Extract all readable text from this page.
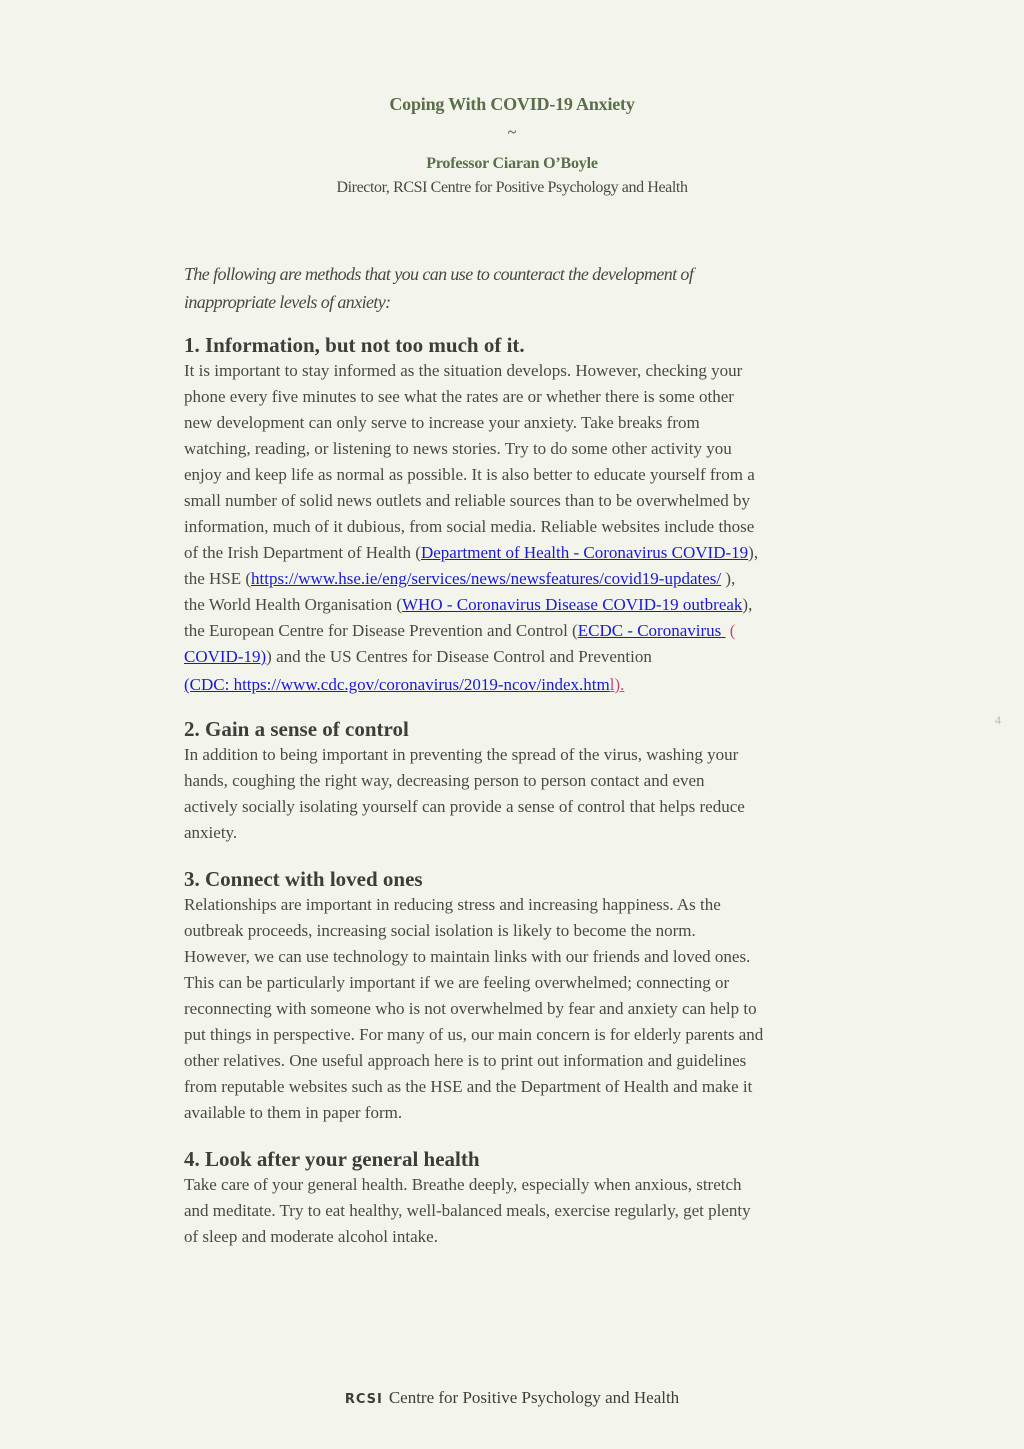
Coping With COVID-19 Anxiety
~
Professor Ciaran O’Boyle
Director, RCSI Centre for Positive Psychology and Health

The following are methods that you can use to counteract the development of
inappropriate levels of anxiety:

1. Information, but not too much of it.

It is important to stay informed as the situation develops. However, checking your
phone every five minutes to see what the rates are or whether there is some other
new development can only serve to increase your anxiety. Take breaks from
watching, reading, or listening to news stories. Try to do some other activity you
enjoy and keep life as normal as possible. It is also better to educate yourself from a
small number of solid news outlets and reliable sources than to be overwhelmed by
information, much of it dubious, from social media. Reliable websites include those
of the Irish Department of Health (Department of Health - Coronavirus COVID-19),
the HSE (https://www.hse.ie/eng/services/news/newsfeatures/covid19-updates/ ),
the World Health Organisation (WHO - Coronavirus Disease COVID-19 outbreak),
the European Centre for Disease Prevention and Control (ECDC - Coronavirus  (
COVID-19)) and the US Centres for Disease Control and Prevention
(CDC: https://www.cdc.gov/coronavirus/2019-ncov/index.html).

2. Gain a sense of control

In addition to being important in preventing the spread of the virus, washing your
hands, coughing the right way, decreasing person to person contact and even
actively socially isolating yourself can provide a sense of control that helps reduce
anxiety.

3. Connect with loved ones

Relationships are important in reducing stress and increasing happiness. As the
outbreak proceeds, increasing social isolation is likely to become the norm.
However, we can use technology to maintain links with our friends and loved ones.
This can be particularly important if we are feeling overwhelmed; connecting or
reconnecting with someone who is not overwhelmed by fear and anxiety can help to
put things in perspective. For many of us, our main concern is for elderly parents and
other relatives. One useful approach here is to print out information and guidelines
from reputable websites such as the HSE and the Department of Health and make it
available to them in paper form.

4. Look after your general health

Take care of your general health. Breathe deeply, especially when anxious, stretch
and meditate. Try to eat healthy, well-balanced meals, exercise regularly, get plenty
of sleep and moderate alcohol intake.

4
RCSI Centre for Positive Psychology and Health
